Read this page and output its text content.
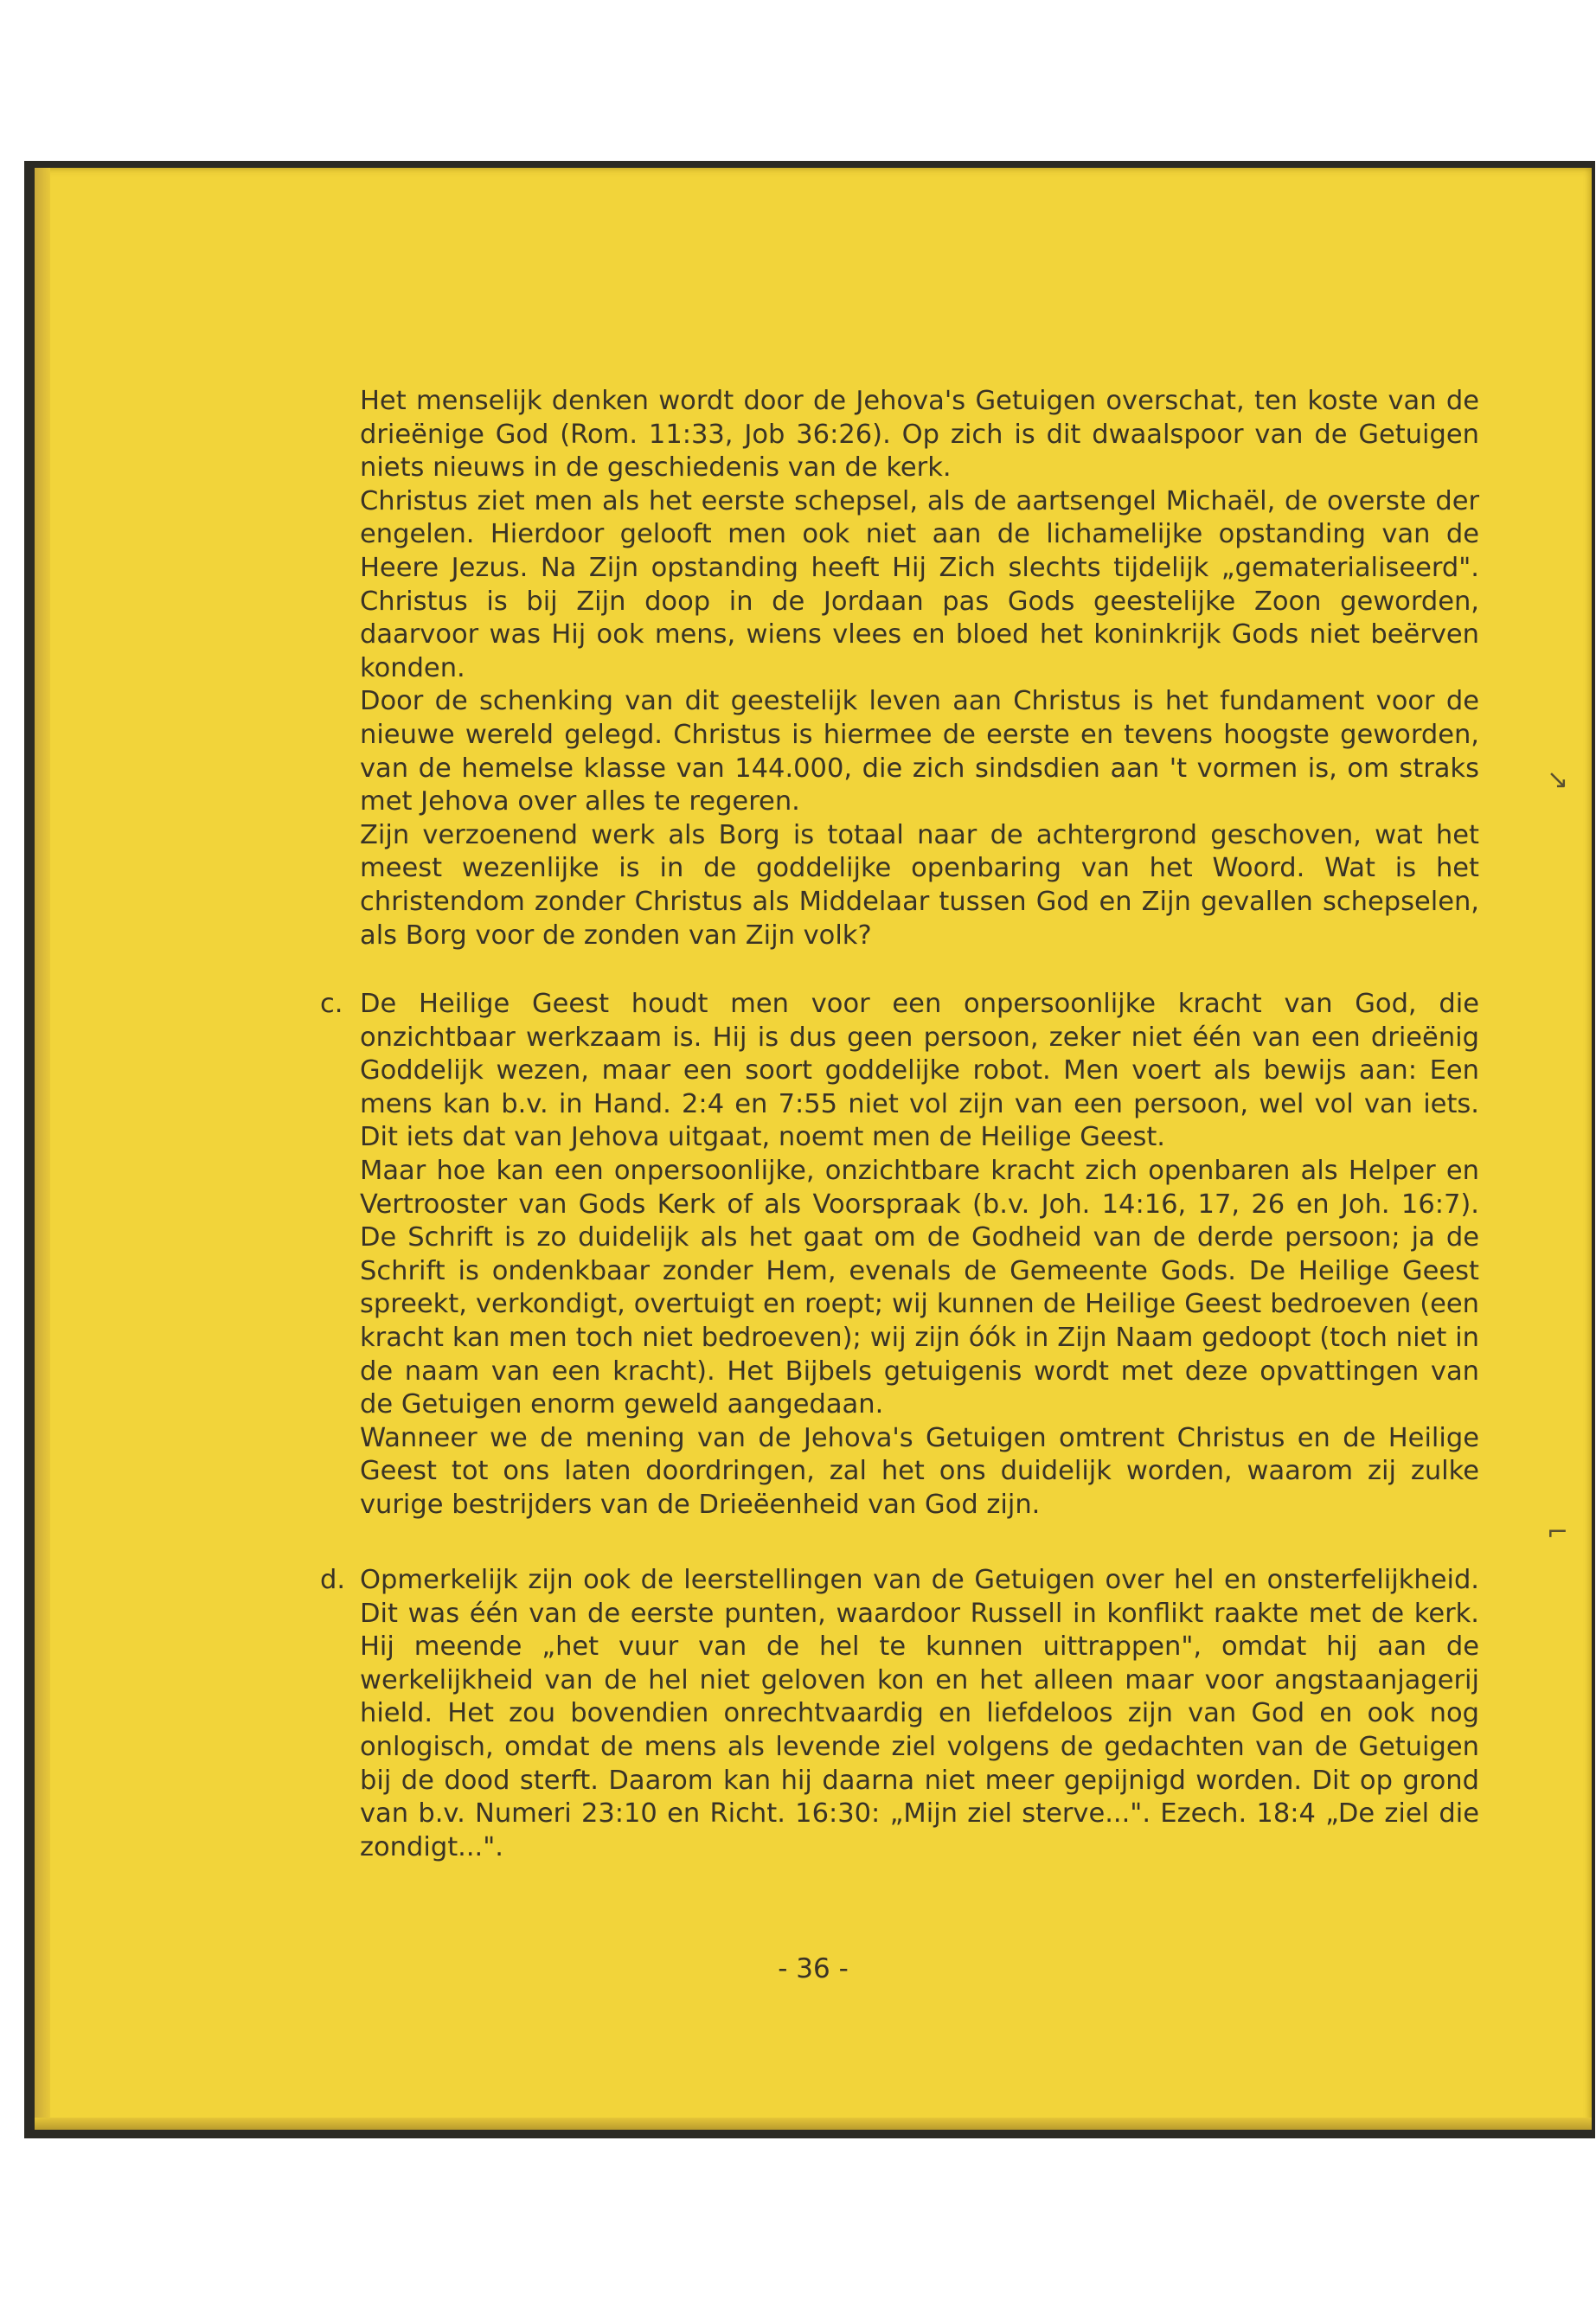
Het menselijk denken wordt door de Jehova's Getuigen overschat, ten koste van de drieënige God (Rom. 11:33, Job 36:26). Op zich is dit dwaalspoor van de Getuigen niets nieuws in de geschiedenis van de kerk.

Christus ziet men als het eerste schepsel, als de aartsengel Michaël, de overste der engelen. Hierdoor gelooft men ook niet aan de lichamelijke opstanding van de Heere Jezus. Na Zijn opstanding heeft Hij Zich slechts tijdelijk „gematerialiseerd". Christus is bij Zijn doop in de Jordaan pas Gods geestelijke Zoon geworden, daarvoor was Hij ook mens, wiens vlees en bloed het koninkrijk Gods niet beërven konden.

Door de schenking van dit geestelijk leven aan Christus is het fundament voor de nieuwe wereld gelegd. Christus is hiermee de eerste en tevens hoogste geworden, van de hemelse klasse van 144.000, die zich sindsdien aan 't vormen is, om straks met Jehova over alles te regeren.

Zijn verzoenend werk als Borg is totaal naar de achtergrond geschoven, wat het meest wezenlijke is in de goddelijke openbaring van het Woord. Wat is het christendom zonder Christus als Middelaar tussen God en Zijn gevallen schepselen, als Borg voor de zonden van Zijn volk?

c. De Heilige Geest houdt men voor een onpersoonlijke kracht van God, die onzichtbaar werkzaam is. Hij is dus geen persoon, zeker niet één van een drieënig Goddelijk wezen, maar een soort goddelijke robot. Men voert als bewijs aan: Een mens kan b.v. in Hand. 2:4 en 7:55 niet vol zijn van een persoon, wel vol van iets. Dit iets dat van Jehova uitgaat, noemt men de Heilige Geest.

Maar hoe kan een onpersoonlijke, onzichtbare kracht zich openbaren als Helper en Vertrooster van Gods Kerk of als Voorspraak (b.v. Joh. 14:16, 17, 26 en Joh. 16:7). De Schrift is zo duidelijk als het gaat om de Godheid van de derde persoon; ja de Schrift is ondenkbaar zonder Hem, evenals de Gemeente Gods. De Heilige Geest spreekt, verkondigt, overtuigt en roept; wij kunnen de Heilige Geest bedroeven (een kracht kan men toch niet bedroeven); wij zijn óók in Zijn Naam gedoopt (toch niet in de naam van een kracht). Het Bijbels getuigenis wordt met deze opvattingen van de Getuigen enorm geweld aangedaan.

Wanneer we de mening van de Jehova's Getuigen omtrent Christus en de Heilige Geest tot ons laten doordringen, zal het ons duidelijk worden, waarom zij zulke vurige bestrijders van de Drieëenheid van God zijn.

d. Opmerkelijk zijn ook de leerstellingen van de Getuigen over hel en onsterfelijkheid. Dit was één van de eerste punten, waardoor Russell in konflikt raakte met de kerk. Hij meende „het vuur van de hel te kunnen uittrappen", omdat hij aan de werkelijkheid van de hel niet geloven kon en het alleen maar voor angstaanjagerij hield. Het zou bovendien onrechtvaardig en liefdeloos zijn van God en ook nog onlogisch, omdat de mens als levende ziel volgens de gedachten van de Getuigen bij de dood sterft. Daarom kan hij daarna niet meer gepijnigd worden. Dit op grond van b.v. Numeri 23:10 en Richt. 16:30: „Mijn ziel sterve...". Ezech. 18:4 „De ziel die zondigt...".

- 36 -
↘
⌐
